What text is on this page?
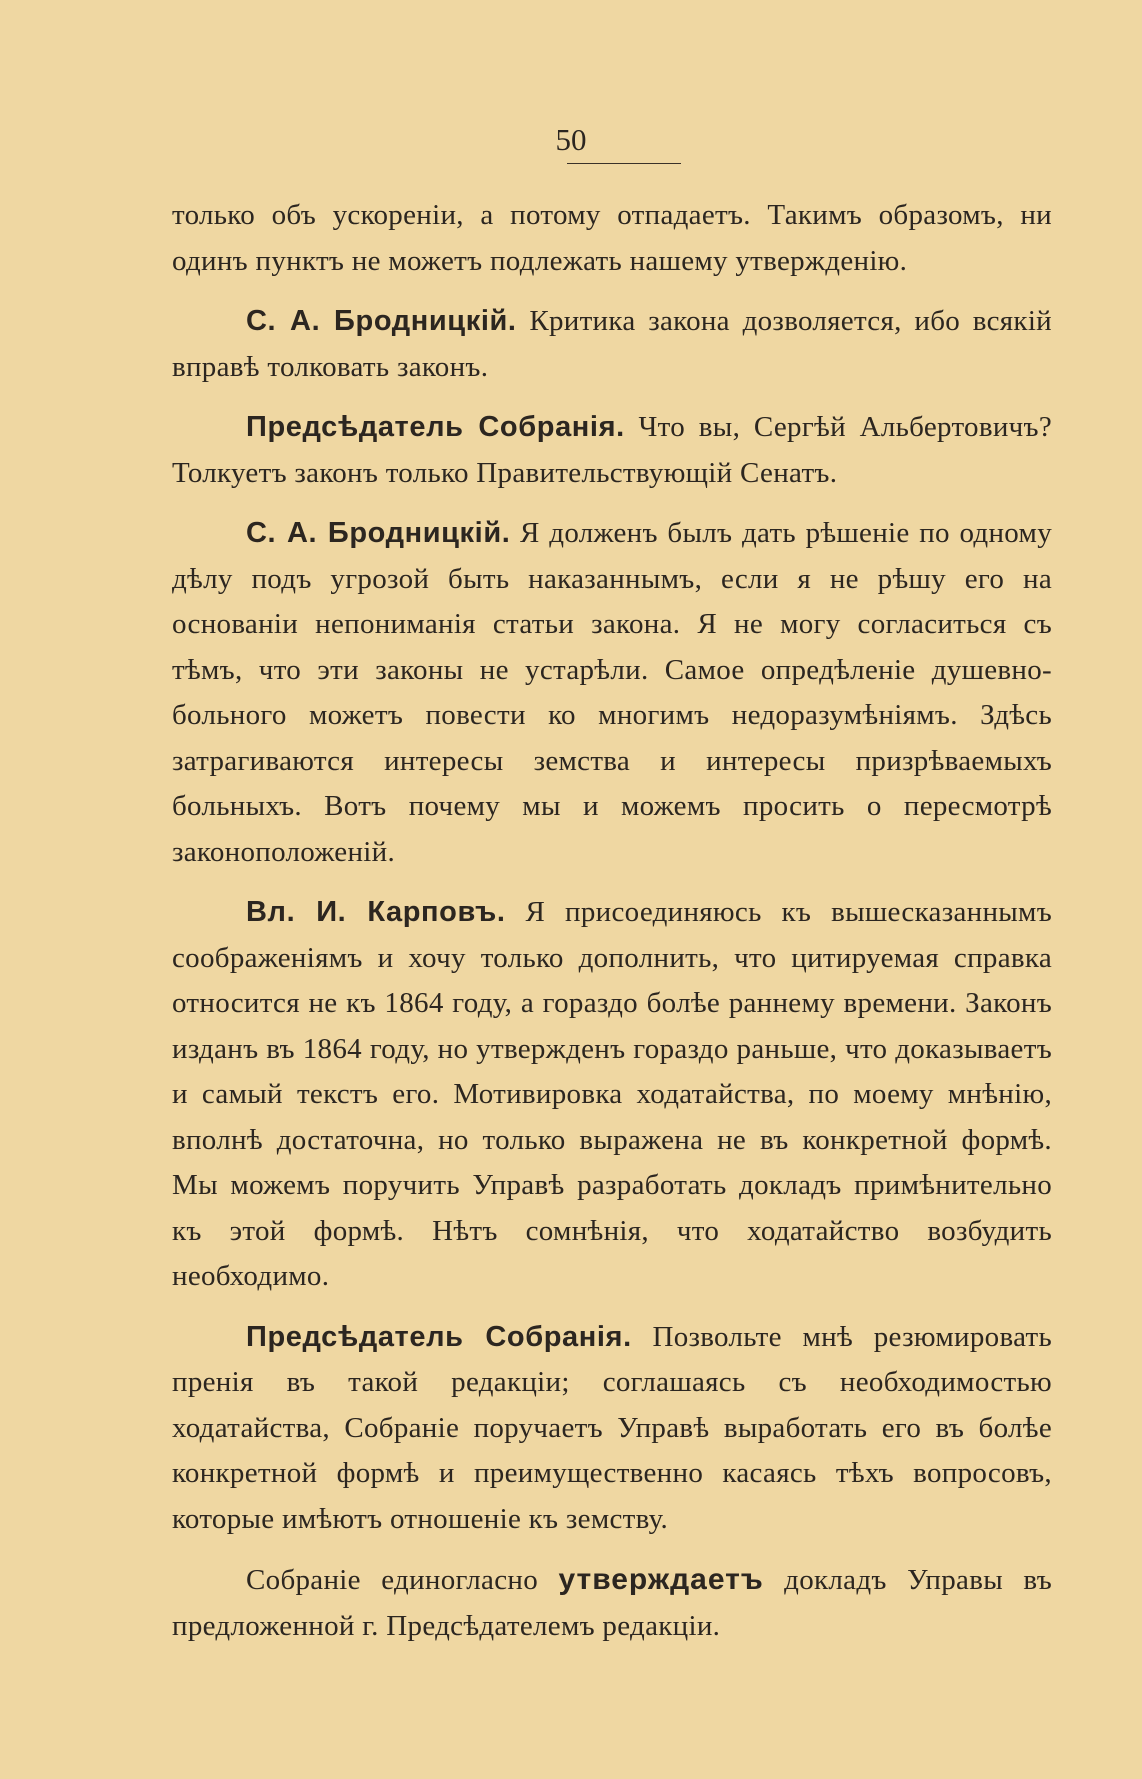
50

только объ ускореніи, а потому отпадаетъ. Такимъ образомъ, ни одинъ пунктъ не можетъ подлежать нашему утвержденію.

С. А. Бродницкій. Критика закона дозволяется, ибо всякій вправѣ толковать законъ.

Предсѣдатель Собранія. Что вы, Сергѣй Альбертовичъ? Толкуетъ законъ только Правительствующій Сенатъ.

С. А. Бродницкій. Я долженъ былъ дать рѣшеніе по одному дѣлу подъ угрозой быть наказаннымъ, если я не рѣшу его на основаніи непониманія статьи закона. Я не могу согласиться съ тѣмъ, что эти законы не устарѣли. Самое опредѣленіе душевно-больного можетъ повести ко многимъ недоразумѣніямъ. Здѣсь затрагиваются интересы земства и интересы призрѣваемыхъ больныхъ. Вотъ почему мы и можемъ просить о пересмотрѣ законоположеній.

Вл. И. Карповъ. Я присоединяюсь къ вышесказаннымъ соображеніямъ и хочу только дополнить, что цитируемая справка относится не къ 1864 году, а гораздо болѣе раннему времени. Законъ изданъ въ 1864 году, но утвержденъ гораздо раньше, что доказываетъ и самый текстъ его. Мотивировка ходатайства, по моему мнѣнію, вполнѣ достаточна, но только выражена не въ конкретной формѣ. Мы можемъ поручить Управѣ разработать докладъ примѣнительно къ этой формѣ. Нѣтъ сомнѣнія, что ходатайство возбудить необходимо.

Предсѣдатель Собранія. Позвольте мнѣ резюмировать пренія въ такой редакціи; соглашаясь съ необходимостью ходатайства, Собраніе поручаетъ Управѣ выработать его въ болѣе конкретной формѣ и преимущественно касаясь тѣхъ вопросовъ, которые имѣютъ отношеніе къ земству.

Собраніе единогласно утверждаетъ докладъ Управы въ предложенной г. Предсѣдателемъ редакціи.
